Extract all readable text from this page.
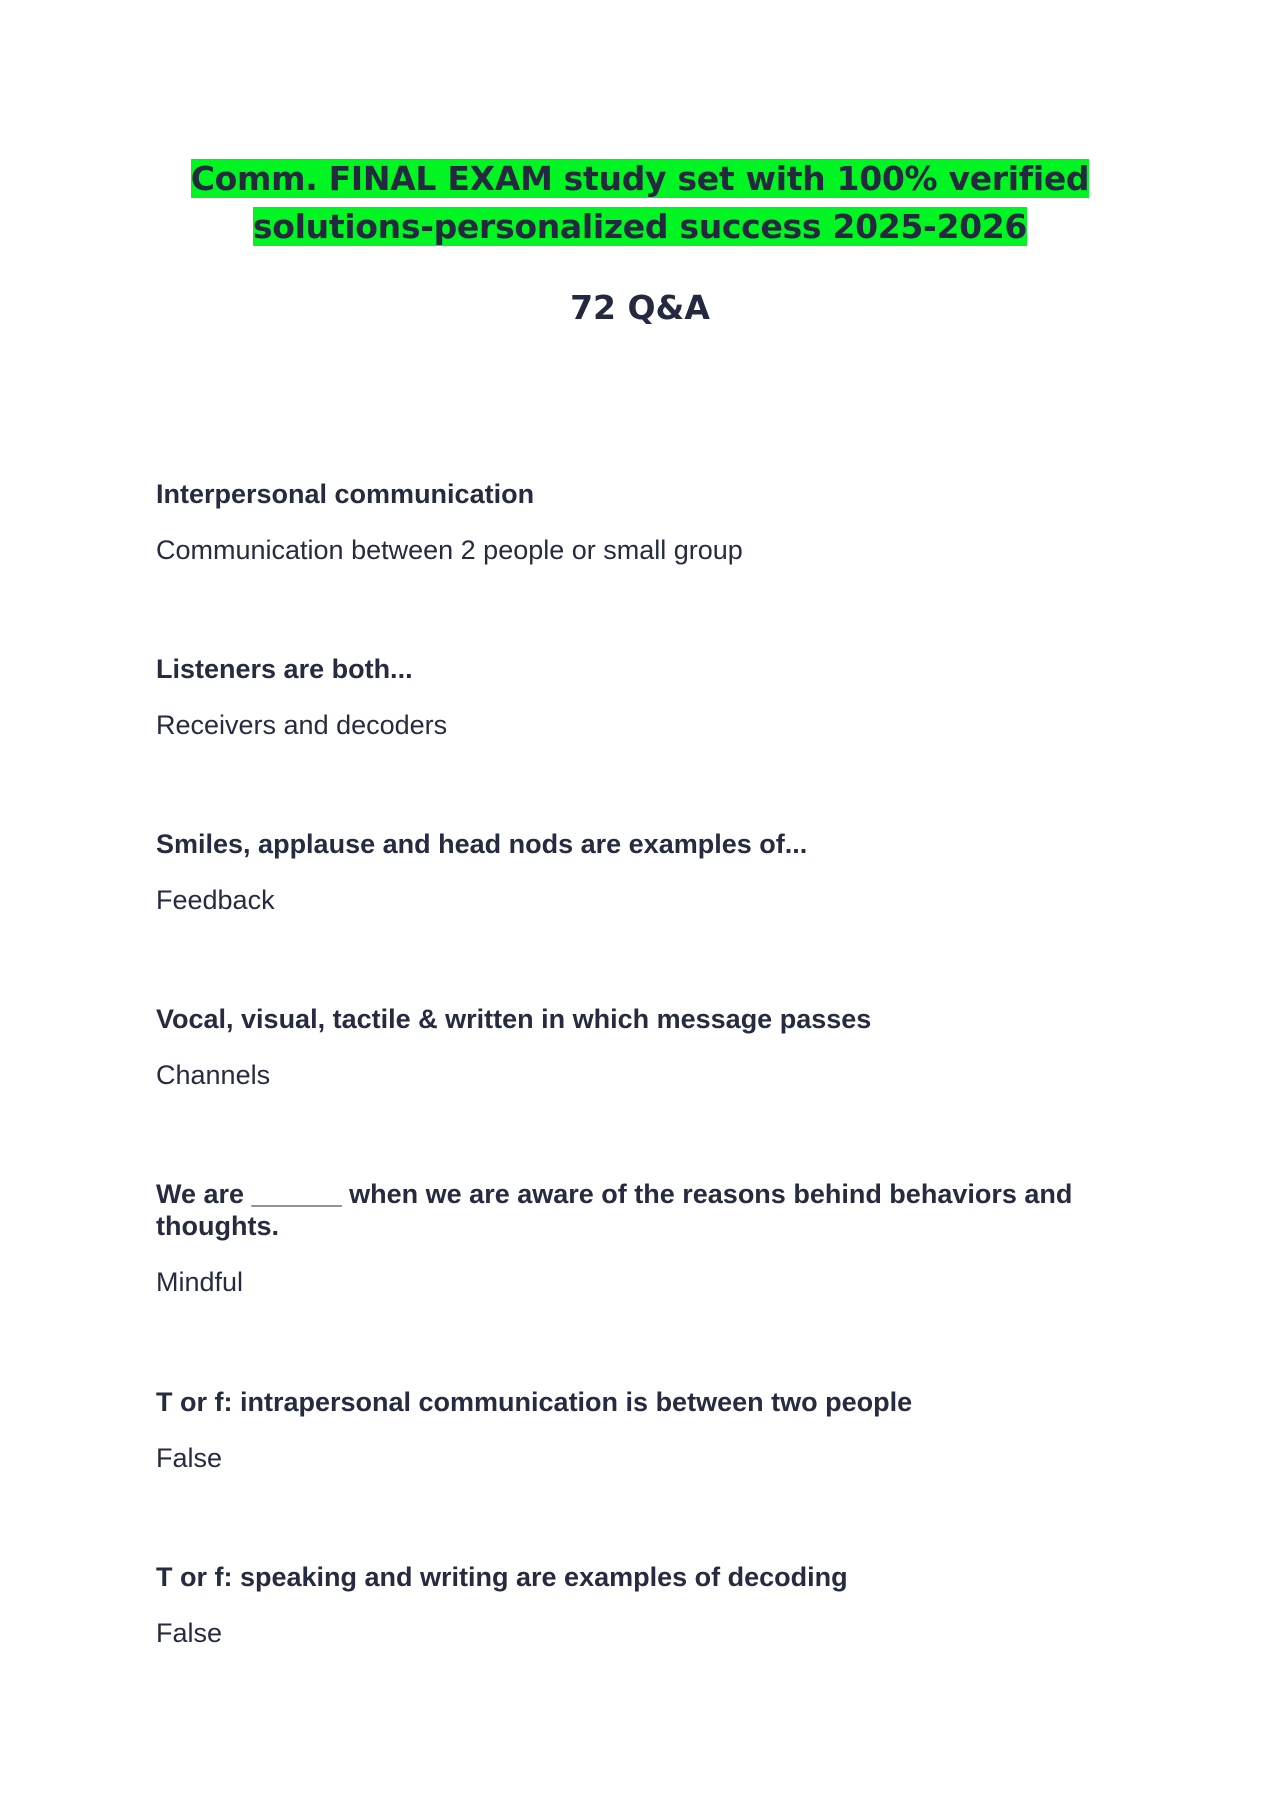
Comm. FINAL EXAM study set with 100% verified solutions-personalized success 2025-2026
72 Q&A
Interpersonal communication
Communication between 2 people or small group
Listeners are both...
Receivers and decoders
Smiles, applause and head nods are examples of...
Feedback
Vocal, visual, tactile & written in which message passes
Channels
We are ______ when we are aware of the reasons behind behaviors and thoughts.
Mindful
T or f: intrapersonal communication is between two people
False
T or f: speaking and writing are examples of decoding
False
